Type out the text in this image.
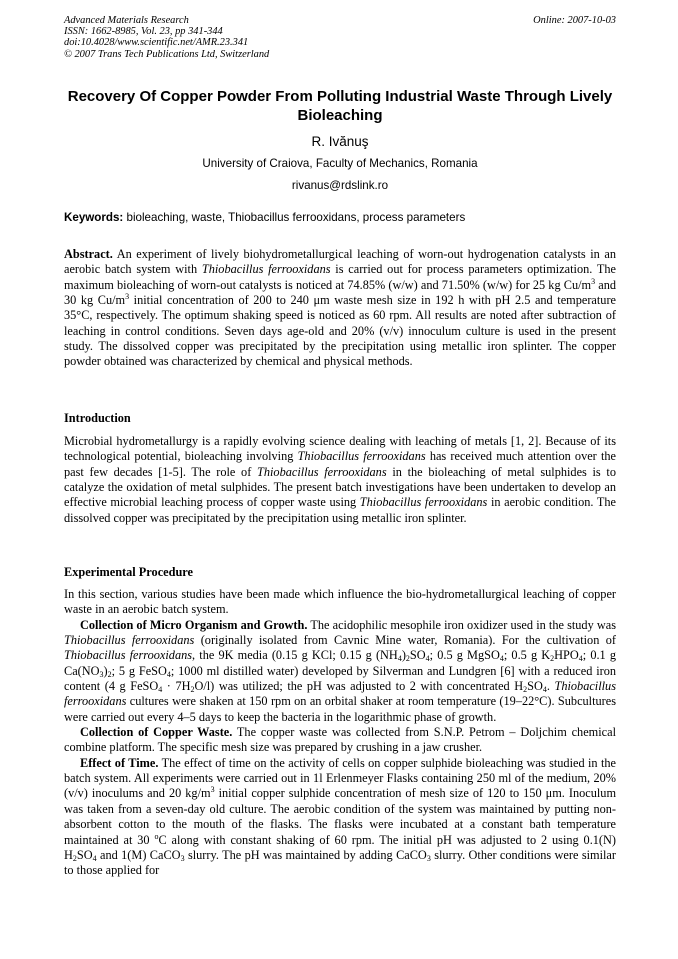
Advanced Materials Research
ISSN: 1662-8985, Vol. 23, pp 341-344
doi:10.4028/www.scientific.net/AMR.23.341
© 2007 Trans Tech Publications Ltd, Switzerland
Online: 2007-10-03
Recovery Of Copper Powder From Polluting Industrial Waste Through Lively Bioleaching
R. Ivănuş
University of Craiova, Faculty of Mechanics, Romania
rivanus@rdslink.ro
Keywords: bioleaching, waste, Thiobacillus ferrooxidans, process parameters

Abstract. An experiment of lively biohydrometallurgical leaching of worn-out hydrogenation catalysts in an aerobic batch system with Thiobacillus ferrooxidans is carried out for process parameters optimization. The maximum bioleaching of worn-out catalysts is noticed at 74.85% (w/w) and 71.50% (w/w) for 25 kg $Cu/m^3$ and 30 kg $Cu/m^3$ initial concentration of 200 to 240 μm waste mesh size in 192 h with pH 2.5 and temperature 35°C, respectively. The optimum shaking speed is noticed as 60 rpm. All results are noted after subtraction of leaching in control conditions. Seven days age-old and 20% (v/v) innoculum culture is used in the present study. The dissolved copper was precipitated by the precipitation using metallic iron splinter. The copper powder obtained was characterized by chemical and physical methods.

Introduction

Microbial hydrometallurgy is a rapidly evolving science dealing with leaching of metals [1, 2]. Because of its technological potential, bioleaching involving Thiobacillus ferrooxidans has received much attention over the past few decades [1-5]. The role of Thiobacillus ferrooxidans in the bioleaching of metal sulphides is to catalyze the oxidation of metal sulphides. The present batch investigations have been undertaken to develop an effective microbial leaching process of copper waste using Thiobacillus ferrooxidans in aerobic condition. The dissolved copper was precipitated by the precipitation using metallic iron splinter.

Experimental Procedure

In this section, various studies have been made which influence the bio-hydrometallurgical leaching of copper waste in an aerobic batch system.

Collection of Micro Organism and Growth. The acidophilic mesophile iron oxidizer used in the study was Thiobacillus ferrooxidans (originally isolated from Cavnic Mine water, Romania). For the cultivation of Thiobacillus ferrooxidans, the 9K media (0.15 g KCl; 0.15 g $(NH_4)_2SO_4$; 0.5 g MgSO$_4$; 0.5 g $K_2HPO_4$; 0.1 g $Ca(NO_3)_2$; 5 g FeSO$_4$; 1000 ml distilled water) developed by Silverman and Lundgren [6] with a reduced iron content (4 g FeSO$_4$ · $7H_2O/l$) was utilized; the pH was adjusted to 2 with concentrated $H_2SO_4$. Thiobacillus ferrooxidans cultures were shaken at 150 rpm on an orbital shaker at room temperature (19–22°C). Subcultures were carried out every 4–5 days to keep the bacteria in the logarithmic phase of growth.

Collection of Copper Waste. The copper waste was collected from S.N.P. Petrom – Doljchim chemical combine platform. The specific mesh size was prepared by crushing in a jaw crusher.

Effect of Time. The effect of time on the activity of cells on copper sulphide bioleaching was studied in the batch system. All experiments were carried out in 1l Erlenmeyer Flasks containing 250 ml of the medium, 20% (v/v) inoculums and 20 $kg/m^3$ initial copper sulphide concentration of mesh size of 120 to 150 μm. Inoculum was taken from a seven-day old culture. The aerobic condition of the system was maintained by putting non-absorbent cotton to the mouth of the flasks. The flasks were incubated at a constant bath temperature maintained at 30 $^o$C along with constant shaking of 60 rpm. The initial pH was adjusted to 2 using 0.1(N) $H_2SO_4$ and 1(M) CaCO$_3$ slurry. The pH was maintained by adding CaCO$_3$ slurry. Other conditions were similar to those applied for
